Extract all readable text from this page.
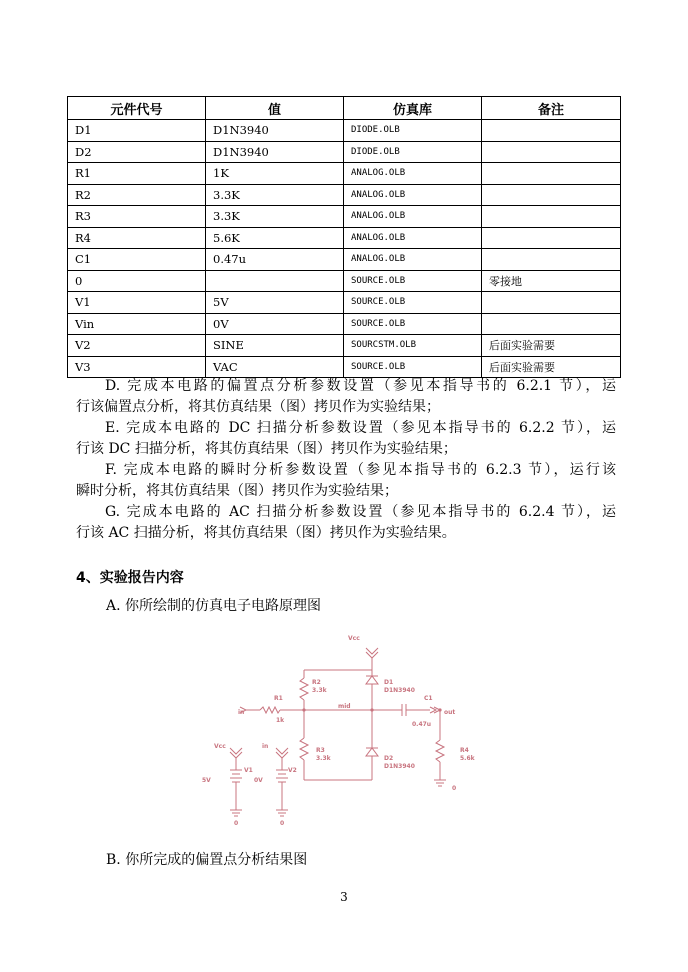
元件代号	值	仿真库	备注
D1	D1N3940	DIODE.OLB	
D2	D1N3940	DIODE.OLB	
R1	1K	ANALOG.OLB	
R2	3.3K	ANALOG.OLB	
R3	3.3K	ANALOG.OLB	
R4	5.6K	ANALOG.OLB	
C1	0.47u	ANALOG.OLB	
0		SOURCE.OLB	零接地
V1	5V	SOURCE.OLB	
Vin	0V	SOURCE.OLB	
V2	SINE	SOURCSTM.OLB	后面实验需要
V3	VAC	SOURCE.OLB	后面实验需要
D. 完成本电路的偏置点分析参数设置（参见本指导书的 6.2.1 节），运
行该偏置点分析，将其仿真结果（图）拷贝作为实验结果；
E. 完成本电路的 DC 扫描分析参数设置（参见本指导书的 6.2.2 节），运
行该 DC 扫描分析，将其仿真结果（图）拷贝作为实验结果；
F. 完成本电路的瞬时分析参数设置（参见本指导书的 6.2.3 节），运行该
瞬时分析，将其仿真结果（图）拷贝作为实验结果；
G. 完成本电路的 AC 扫描分析参数设置（参见本指导书的 6.2.4 节），运
行该 AC 扫描分析，将其仿真结果（图）拷贝作为实验结果。
4、实验报告内容
A. 你所绘制的仿真电子电路原理图
Vcc
R2
3.3k
D1
D1N3940
R1
1k
in
mid
out
C1
0.47u
R3
3.3k	D2
D1N3940
R4
5.6k
Vcc
V1
5V
in
V2
0V
0	0
0
B. 你所完成的偏置点分析结果图
3
